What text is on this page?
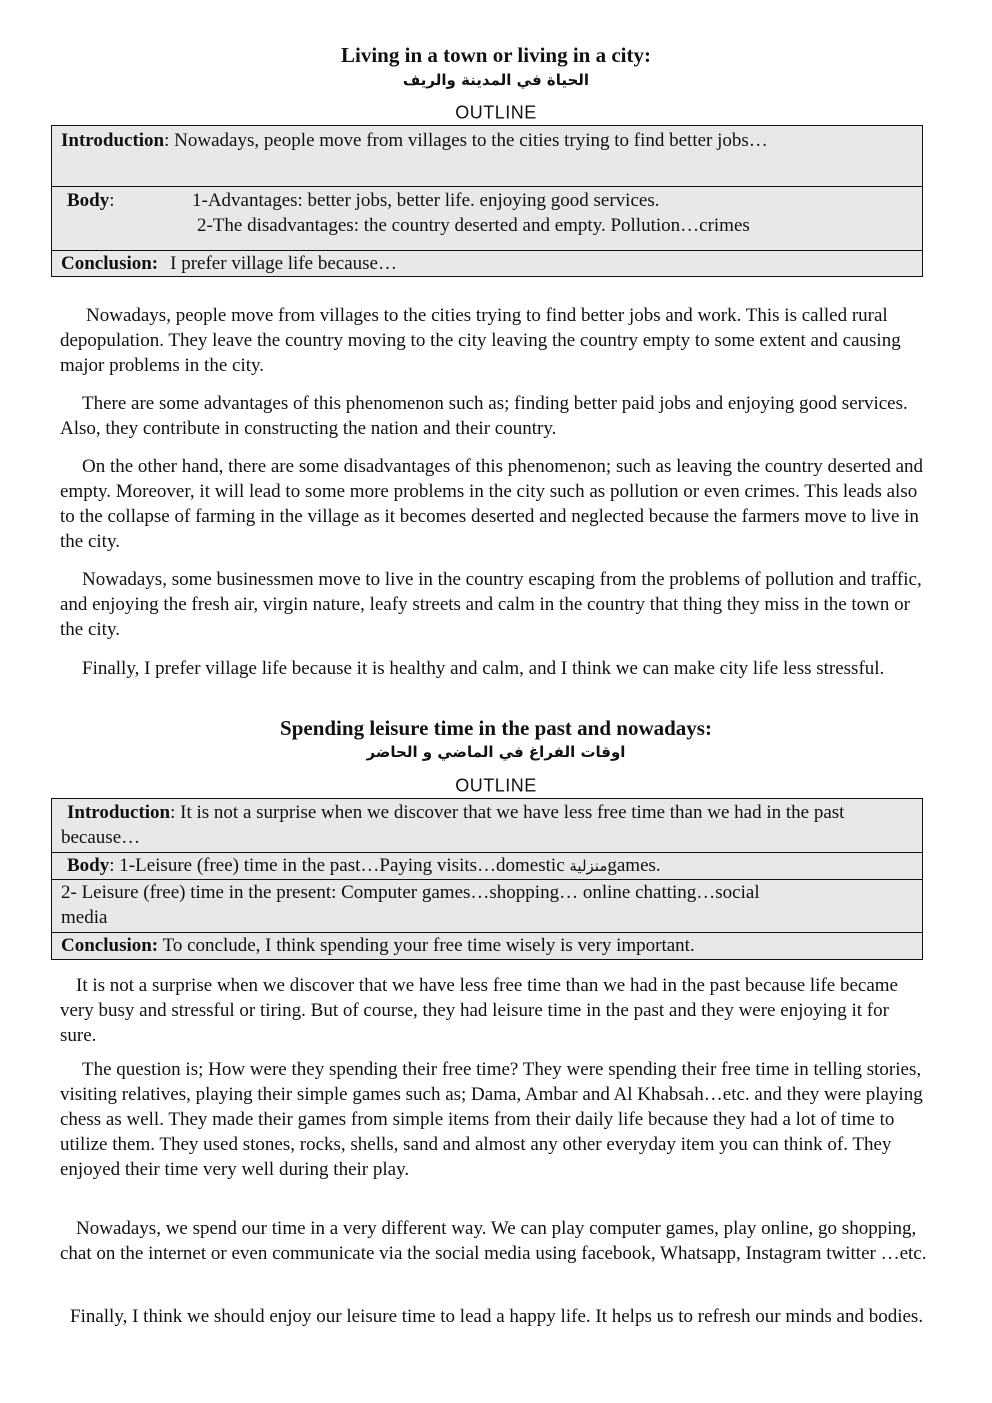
Living in a town or living in a city:
الحياة في المدينة والريف
OUTLINE
Introduction: Nowadays, people move from villages to the cities trying to find better jobs…

Body:	1-Advantages: better jobs, better life. enjoying good services.
2-The disadvantages: the country deserted and empty. Pollution…crimes

Conclusion: I prefer village life because…

Nowadays, people move from villages to the cities trying to find better jobs and work. This is called rural depopulation. They leave the country moving to the city leaving the country empty to some extent and causing major problems in the city.

There are some advantages of this phenomenon such as; finding better paid jobs and enjoying good services. Also, they contribute in constructing the nation and their country.

On the other hand, there are some disadvantages of this phenomenon; such as leaving the country deserted and empty. Moreover, it will lead to some more problems in the city such as pollution or even crimes. This leads also to the collapse of farming in the village as it becomes deserted and neglected because the farmers move to live in the city.

Nowadays, some businessmen move to live in the country escaping from the problems of pollution and traffic, and enjoying the fresh air, virgin nature, leafy streets and calm in the country that thing they miss in the town or the city.

Finally, I prefer village life because it is healthy and calm, and I think we can make city life less stressful.

Spending leisure time in the past and nowadays:
اوقات الفراغ في الماضي و الحاضر
OUTLINE
Introduction: It is not a surprise when we discover that we have less free time than we had in the past because…
Body: 1-Leisure (free) time in the past…Paying visits…domestic منزليةgames.
2- Leisure (free) time in the present: Computer games…shopping… online chatting…social media
Conclusion: To conclude, I think spending your free time wisely is very important.

It is not a surprise when we discover that we have less free time than we had in the past because life became very busy and stressful or tiring. But of course, they had leisure time in the past and they were enjoying it for sure.

The question is; How were they spending their free time? They were spending their free time in telling stories, visiting relatives, playing their simple games such as; Dama, Ambar and Al Khabsah…etc. and they were playing chess as well. They made their games from simple items from their daily life because they had a lot of time to utilize them. They used stones, rocks, shells, sand and almost any other everyday item you can think of. They enjoyed their time very well during their play.

Nowadays, we spend our time in a very different way. We can play computer games, play online, go shopping, chat on the internet or even communicate via the social media using facebook, Whatsapp, Instagram twitter …etc.

Finally, I think we should enjoy our leisure time to lead a happy life. It helps us to refresh our minds and bodies.
